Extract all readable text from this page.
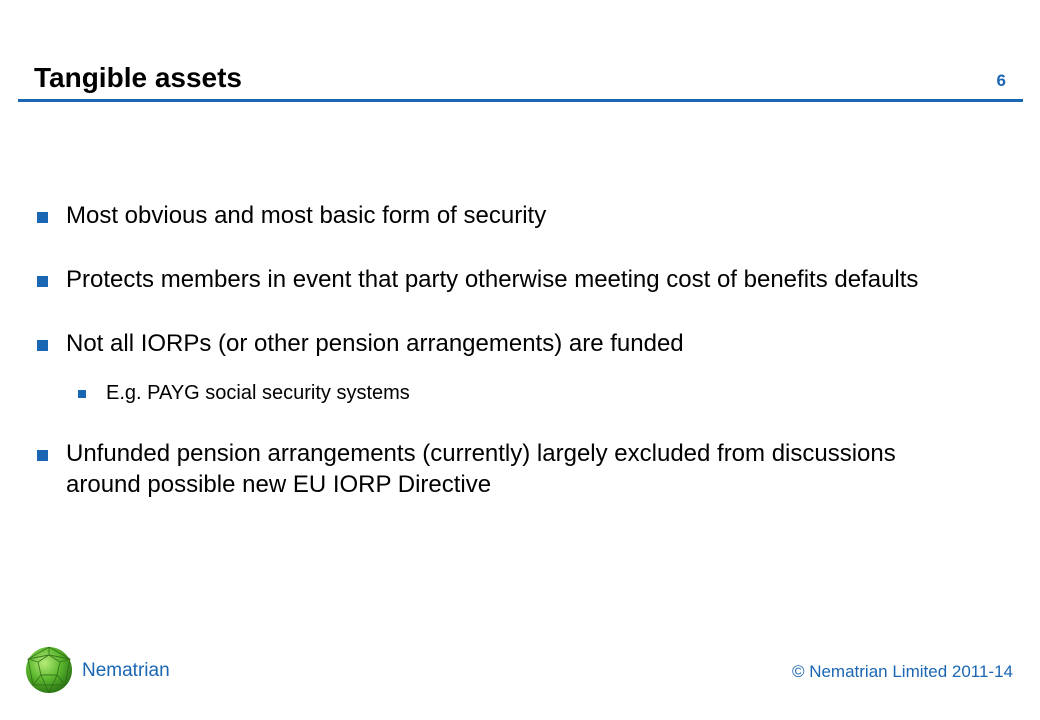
Tangible assets	6
Most obvious and most basic form of security
Protects members in event that party otherwise meeting cost of benefits defaults
Not all IORPs (or other pension arrangements) are funded
E.g. PAYG social security systems
Unfunded pension arrangements (currently) largely excluded from discussions around possible new EU IORP Directive
Nematrian	© Nematrian Limited 2011-14
